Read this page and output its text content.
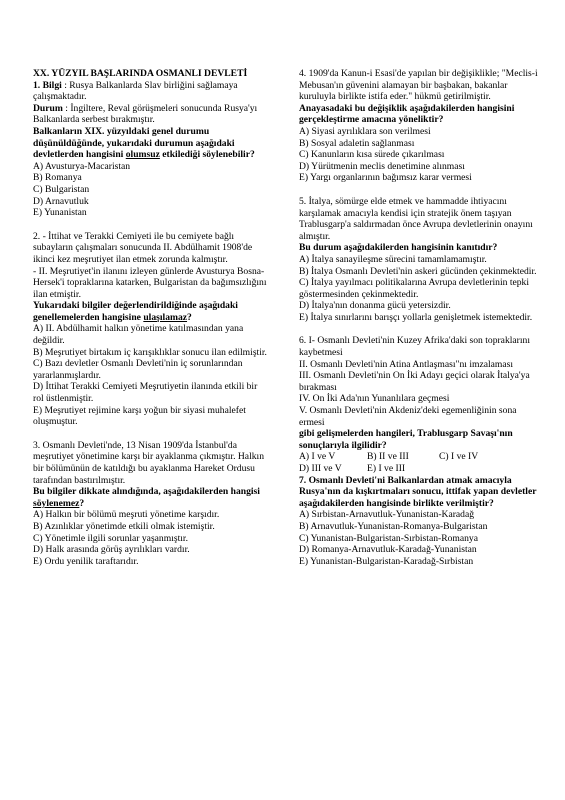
XX. YÜZYIL BAŞLARINDA OSMANLI DEVLETİ

1. Bilgi : Rusya Balkanlarda Slav birliğini sağlamaya çalışmaktadır.

Durum : İngiltere, Reval görüşmeleri sonucunda Rusya'yı Balkanlarda serbest bırakmıştır.

Balkanların XIX. yüzyıldaki genel durumu düşünüldüğünde, yukarıdaki durumun aşağıdaki devletlerden hangisini olumsuz etkilediği söylenebilir?

A) Avusturya-Macaristan

B) Romanya

C) Bulgaristan

D) Arnavutluk

E) Yunanistan

2. - İttihat ve Terakki Cemiyeti ile bu cemiyete bağlı subayların çalışmaları sonucunda II. Abdülhamit 1908'de ikinci kez meşrutiyet ilan etmek zorunda kalmıştır.

- II. Meşrutiyet'in ilanını izleyen günlerde Avusturya Bosna-Hersek'i topraklarına katarken, Bulgaristan da bağımsızlığını ilan etmiştir.

Yukarıdaki bilgiler değerlendirildiğinde aşağıdaki genellemelerden hangisine ulaşılamaz?

A) II. Abdülhamit halkın yönetime katılmasından yana değildir.

B) Meşrutiyet birtakım iç karışıklıklar sonucu ilan edilmiştir.

C) Bazı devletler Osmanlı Devleti'nin iç sorunlarından yararlanmışlardır.

D) İttihat Terakki Cemiyeti Meşrutiyetin ilanında etkili bir rol üstlenmiştir.

E) Meşrutiyet rejimine karşı yoğun bir siyasi muhalefet oluşmuştur.

3. Osmanlı Devleti'nde, 13 Nisan 1909'da İstanbul'da meşrutiyet yönetimine karşı bir ayaklanma çıkmıştır. Halkın bir bölümünün de katıldığı bu ayaklanma Hareket Ordusu tarafından bastırılmıştır.

Bu bilgiler dikkate alındığında, aşağıdakilerden hangisi söylenemez?

A) Halkın bir bölümü meşruti yönetime karşıdır.

B) Azınlıklar yönetimde etkili olmak istemiştir.

C) Yönetimle ilgili sorunlar yaşanmıştır.

D) Halk arasında görüş ayrılıkları vardır.

E) Ordu yenilik taraftarıdır.

4. 1909'da Kanun-i Esasi'de yapılan bir değişiklikle; "Meclis-i Mebusan'ın güvenini alamayan bir başbakan, bakanlar kuruluyla birlikte istifa eder." hükmü getirilmiştir.

Anayasadaki bu değişiklik aşağıdakilerden hangisini gerçekleştirme amacına yöneliktir?

A) Siyasi ayrılıklara son verilmesi

B) Sosyal adaletin sağlanması

C) Kanunların kısa sürede çıkarılması

D) Yürütmenin meclis denetimine alınması

E) Yargı organlarının bağımsız karar vermesi

5. İtalya, sömürge elde etmek ve hammadde ihtiyacını karşılamak amacıyla kendisi için stratejik önem taşıyan Trablusgarp'a saldırmadan önce Avrupa devletlerinin onayını almıştır.

Bu durum aşağıdakilerden hangisinin kanıtıdır?

A) İtalya sanayileşme sürecini tamamlamamıştır.

B) İtalya Osmanlı Devleti'nin askeri gücünden çekinmektedir.

C) İtalya yayılmacı politikalarına Avrupa devletlerinin tepki göstermesinden çekinmektedir.

D) İtalya'nın donanma gücü yetersizdir.

E) İtalya sınırlarını barışçı yollarla genişletmek istemektedir.

6. I- Osmanlı Devleti'nin Kuzey Afrika'daki son topraklarını kaybetmesi

II. Osmanlı Devleti'nin Atina Antlaşması"nı imzalaması

III. Osmanlı Devleti'nin On İki Adayı geçici olarak İtalya'ya bırakması

IV. On İki Ada'nın Yunanlılara geçmesi

V. Osmanlı Devleti'nin Akdeniz'deki egemenliğinin sona ermesi

gibi gelişmelerden hangileri, Trablusgarp Savaşı'nın sonuçlarıyla ilgilidir?

A) I ve V	B) II ve III	C) I ve IV
D) III ve V	E) I ve III

7. Osmanlı Devleti'ni Balkanlardan atmak amacıyla Rusya'nın da kışkırtmaları sonucu, ittifak yapan devletler aşağıdakilerden hangisinde birlikte verilmiştir?

A) Sırbistan-Arnavutluk-Yunanistan-Karadağ

B) Arnavutluk-Yunanistan-Romanya-Bulgaristan

C) Yunanistan-Bulgaristan-Sırbistan-Romanya

D) Romanya-Arnavutluk-Karadağ-Yunanistan

E) Yunanistan-Bulgaristan-Karadağ-Sırbistan
